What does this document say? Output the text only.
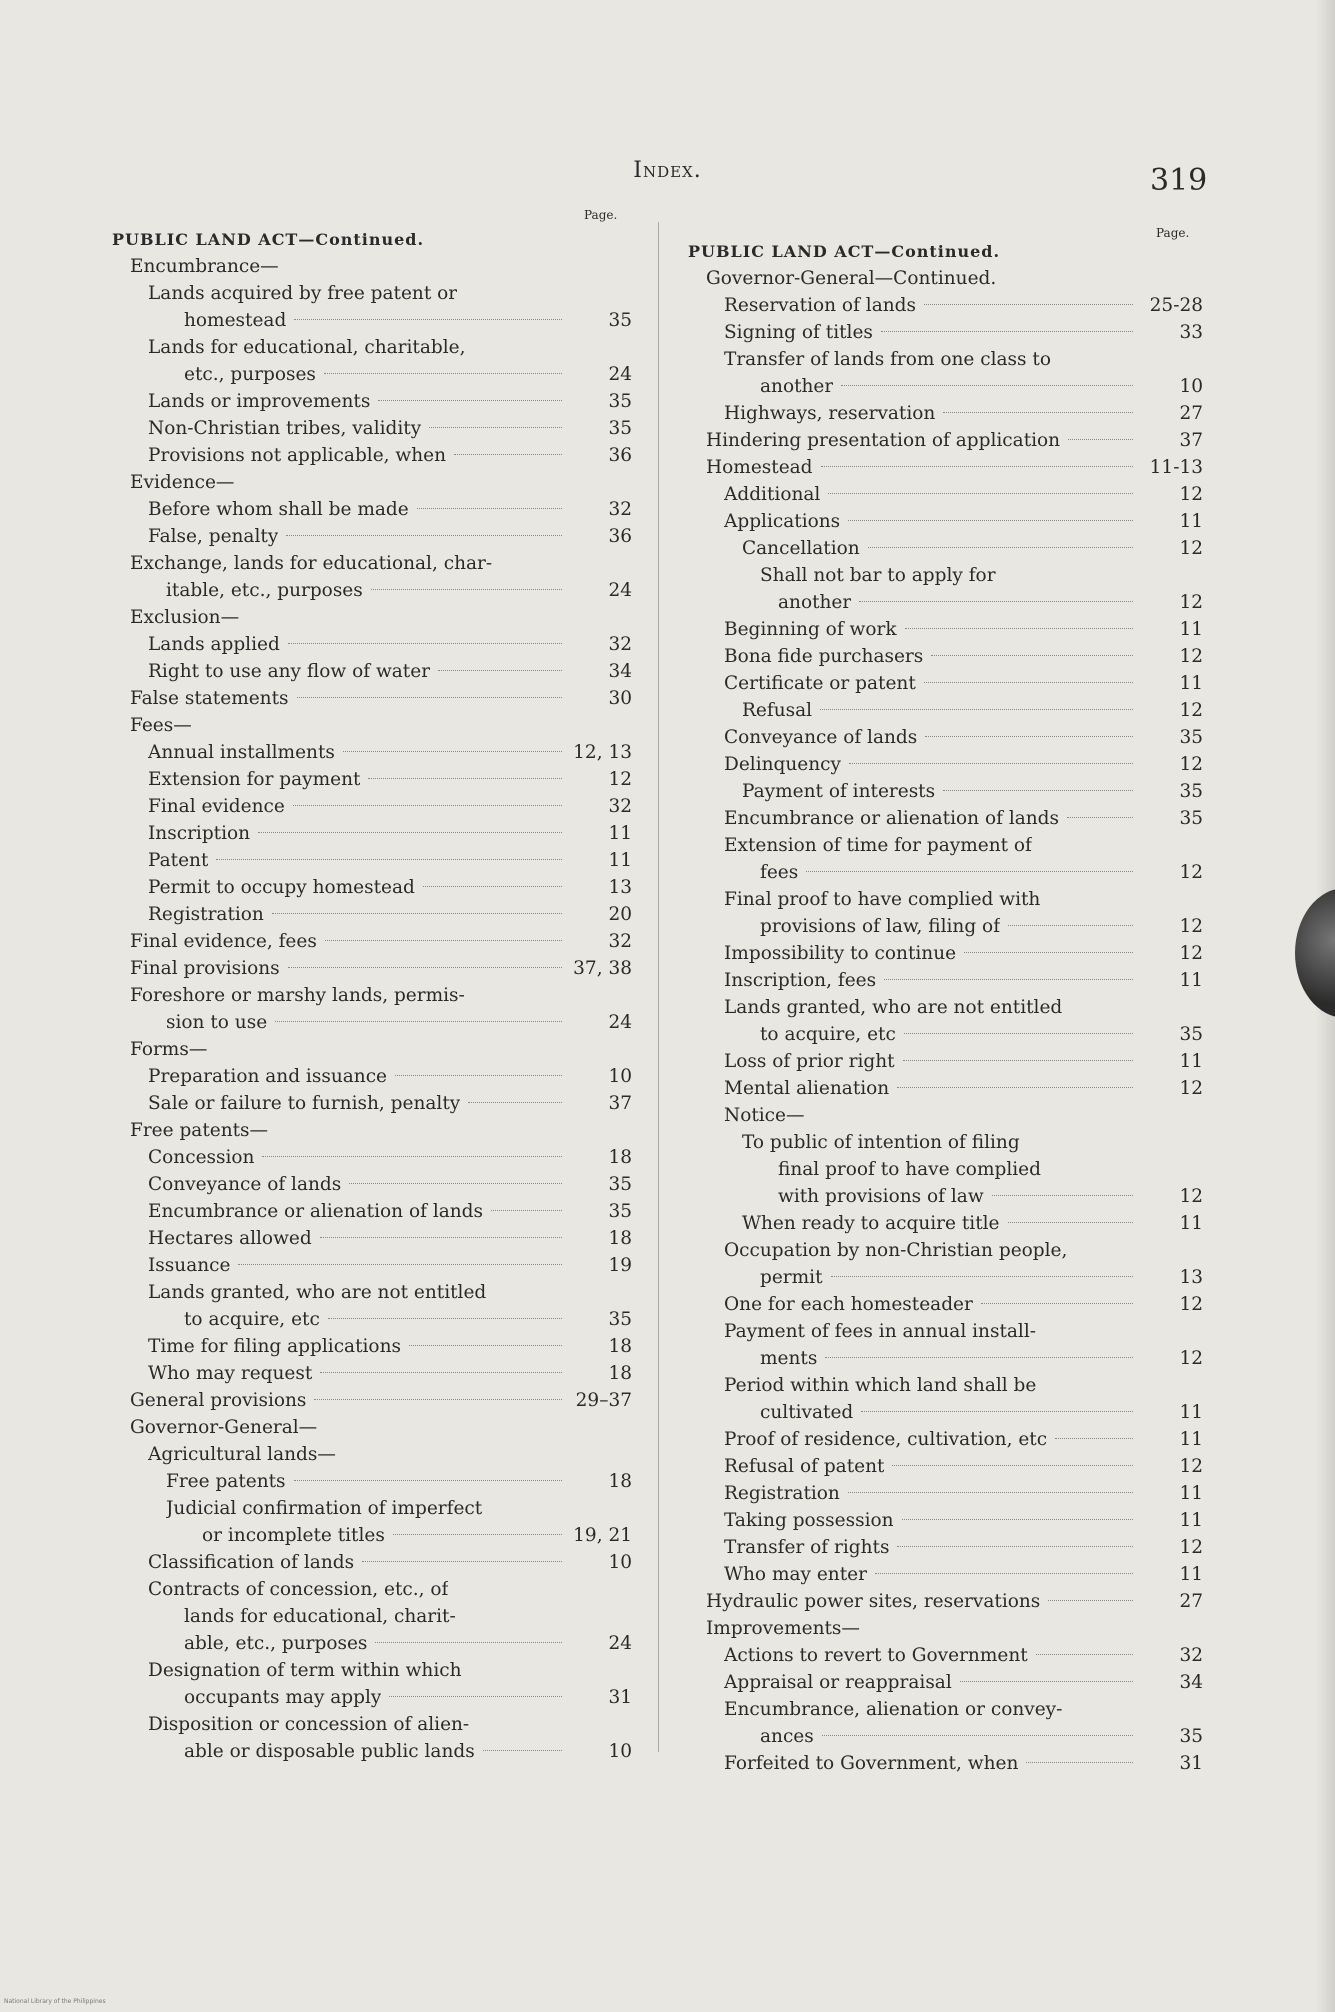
Index.	319
Page.
PUBLIC LAND ACT—Continued.
Encumbrance—
Lands acquired by free patent or
homestead	35
Lands for educational, charitable,
etc., purposes	24
Lands or improvements	35
Non-Christian tribes, validity	35
Provisions not applicable, when	36
Evidence—
Before whom shall be made	32
False, penalty	36
Exchange, lands for educational, char-
itable, etc., purposes	24
Exclusion—
Lands applied	32
Right to use any flow of water	34
False statements	30
Fees—
Annual installments	12, 13
Extension for payment	12
Final evidence	32
Inscription	11
Patent	11
Permit to occupy homestead	13
Registration	20
Final evidence, fees	32
Final provisions	37, 38
Foreshore or marshy lands, permis-
sion to use	24
Forms—
Preparation and issuance	10
Sale or failure to furnish, penalty	37
Free patents—
Concession	18
Conveyance of lands	35
Encumbrance or alienation of lands	35
Hectares allowed	18
Issuance	19
Lands granted, who are not entitled
to acquire, etc	35
Time for filing applications	18
Who may request	18
General provisions	29–37
Governor-General—
Agricultural lands—
Free patents	18
Judicial confirmation of imperfect
or incomplete titles	19, 21
Classification of lands	10
Contracts of concession, etc., of
lands for educational, charit-
able, etc., purposes	24
Designation of term within which
occupants may apply	31
Disposition or concession of alien-
able or disposable public lands	10
Page.
PUBLIC LAND ACT—Continued.
Governor-General—Continued.
Reservation of lands	25-28
Signing of titles	33
Transfer of lands from one class to
another	10
Highways, reservation	27
Hindering presentation of application	37
Homestead	11-13
Additional	12
Applications	11
Cancellation	12
Shall not bar to apply for
another	12
Beginning of work	11
Bona fide purchasers	12
Certificate or patent	11
Refusal	12
Conveyance of lands	35
Delinquency	12
Payment of interests	35
Encumbrance or alienation of lands	35
Extension of time for payment of
fees	12
Final proof to have complied with
provisions of law, filing of	12
Impossibility to continue	12
Inscription, fees	11
Lands granted, who are not entitled
to acquire, etc	35
Loss of prior right	11
Mental alienation	12
Notice—
To public of intention of filing
final proof to have complied
with provisions of law	12
When ready to acquire title	11
Occupation by non-Christian people,
permit	13
One for each homesteader	12
Payment of fees in annual install-
ments	12
Period within which land shall be
cultivated	11
Proof of residence, cultivation, etc	11
Refusal of patent	12
Registration	11
Taking possession	11
Transfer of rights	12
Who may enter	11
Hydraulic power sites, reservations	27
Improvements—
Actions to revert to Government	32
Appraisal or reappraisal	34
Encumbrance, alienation or convey-
ances	35
Forfeited to Government, when	31
National Library of the Philippines
